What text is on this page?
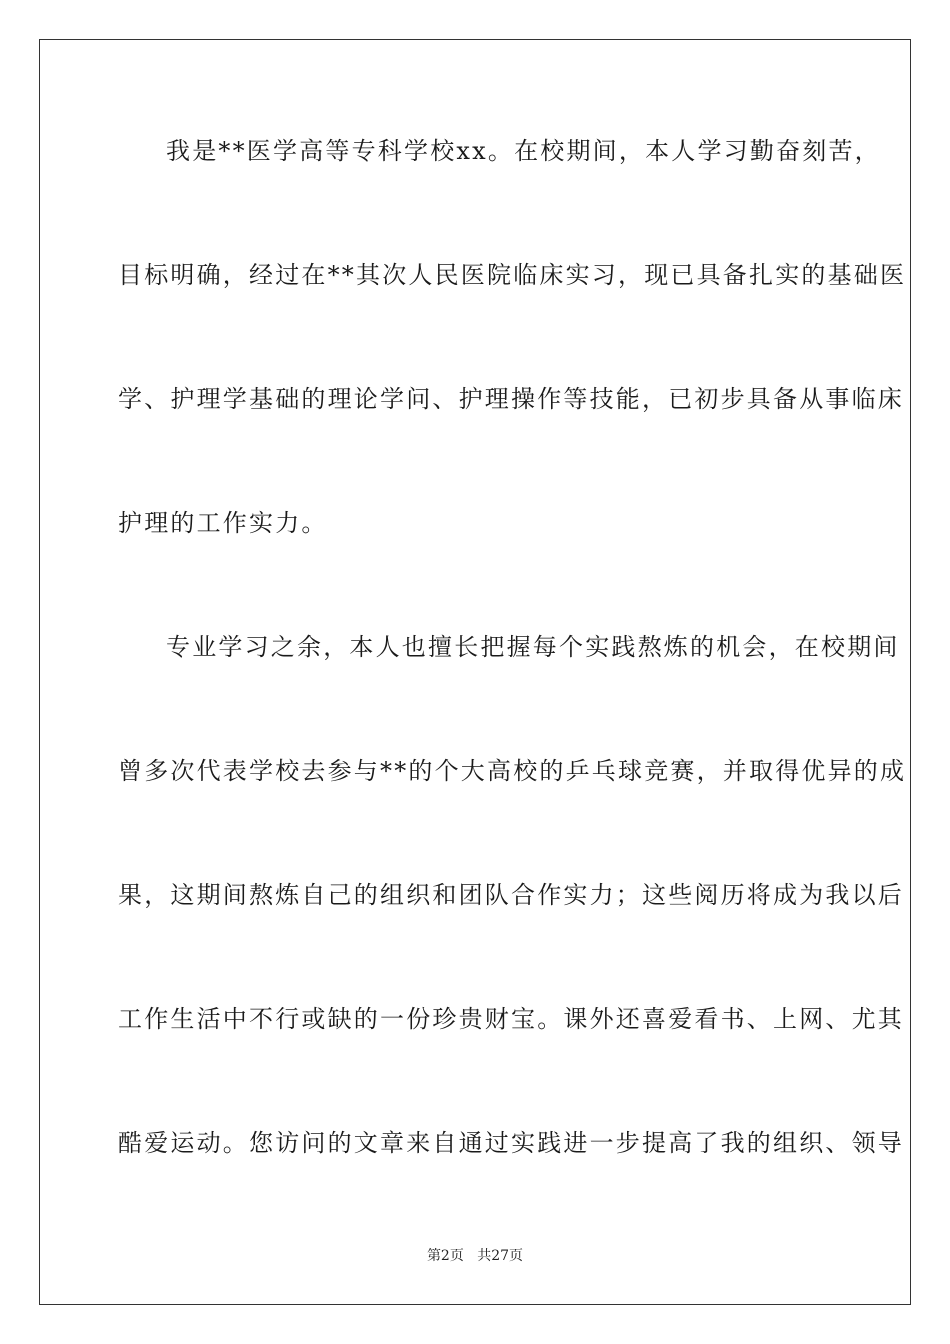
我是**医学高等专科学校xx。在校期间，本人学习勤奋刻苦，
目标明确，经过在**其次人民医院临床实习，现已具备扎实的基础医
学、护理学基础的理论学问、护理操作等技能，已初步具备从事临床
护理的工作实力。
专业学习之余，本人也擅长把握每个实践熬炼的机会，在校期间
曾多次代表学校去参与**的个大高校的乒乓球竞赛，并取得优异的成
果，这期间熬炼自己的组织和团队合作实力；这些阅历将成为我以后
工作生活中不行或缺的一份珍贵财宝。课外还喜爱看书、上网、尤其
酷爱运动。您访问的文章来自通过实践进一步提高了我的组织、领导
第2页 共27页
